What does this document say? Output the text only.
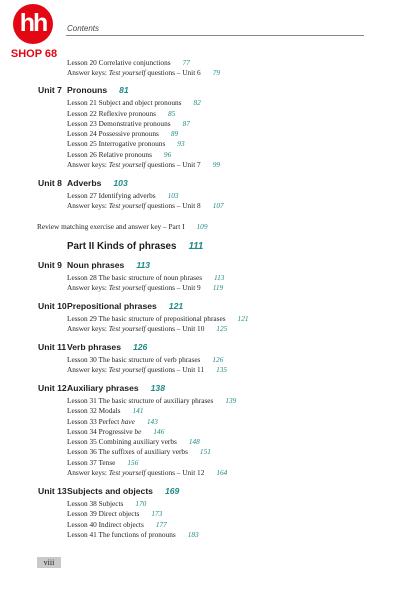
hh
SHOP 68
Contents
Lesson 20 Correlative conjunctions 77
Answer keys: Test yourself questions – Unit 6 79
Unit 7 Pronouns 81
Lesson 21 Subject and object pronouns 82
Lesson 22 Reflexive pronouns 85
Lesson 23 Demonstrative pronouns 87
Lesson 24 Possessive pronouns 89
Lesson 25 Interrogative pronouns 93
Lesson 26 Relative pronouns 96
Answer keys: Test yourself questions – Unit 7 99
Unit 8 Adverbs 103
Lesson 27 Identifying adverbs 103
Answer keys: Test yourself questions – Unit 8 107
Review matching exercise and answer key – Part I 109
Part II Kinds of phrases 111
Unit 9 Noun phrases 113
Lesson 28 The basic structure of noun phrases 113
Answer keys: Test yourself questions – Unit 9 119
Unit 10 Prepositional phrases 121
Lesson 29 The basic structure of prepositional phrases 121
Answer keys: Test yourself questions – Unit 10 125
Unit 11 Verb phrases 126
Lesson 30 The basic structure of verb phrases 126
Answer keys: Test yourself questions – Unit 11 135
Unit 12 Auxiliary phrases 138
Lesson 31 The basic structure of auxiliary phrases 139
Lesson 32 Modals 141
Lesson 33 Perfect have 143
Lesson 34 Progressive be 146
Lesson 35 Combining auxiliary verbs 148
Lesson 36 The suffixes of auxiliary verbs 151
Lesson 37 Tense 156
Answer keys: Test yourself questions – Unit 12 164
Unit 13 Subjects and objects 169
Lesson 38 Subjects 170
Lesson 39 Direct objects 173
Lesson 40 Indirect objects 177
Lesson 41 The functions of pronouns 183
viii
